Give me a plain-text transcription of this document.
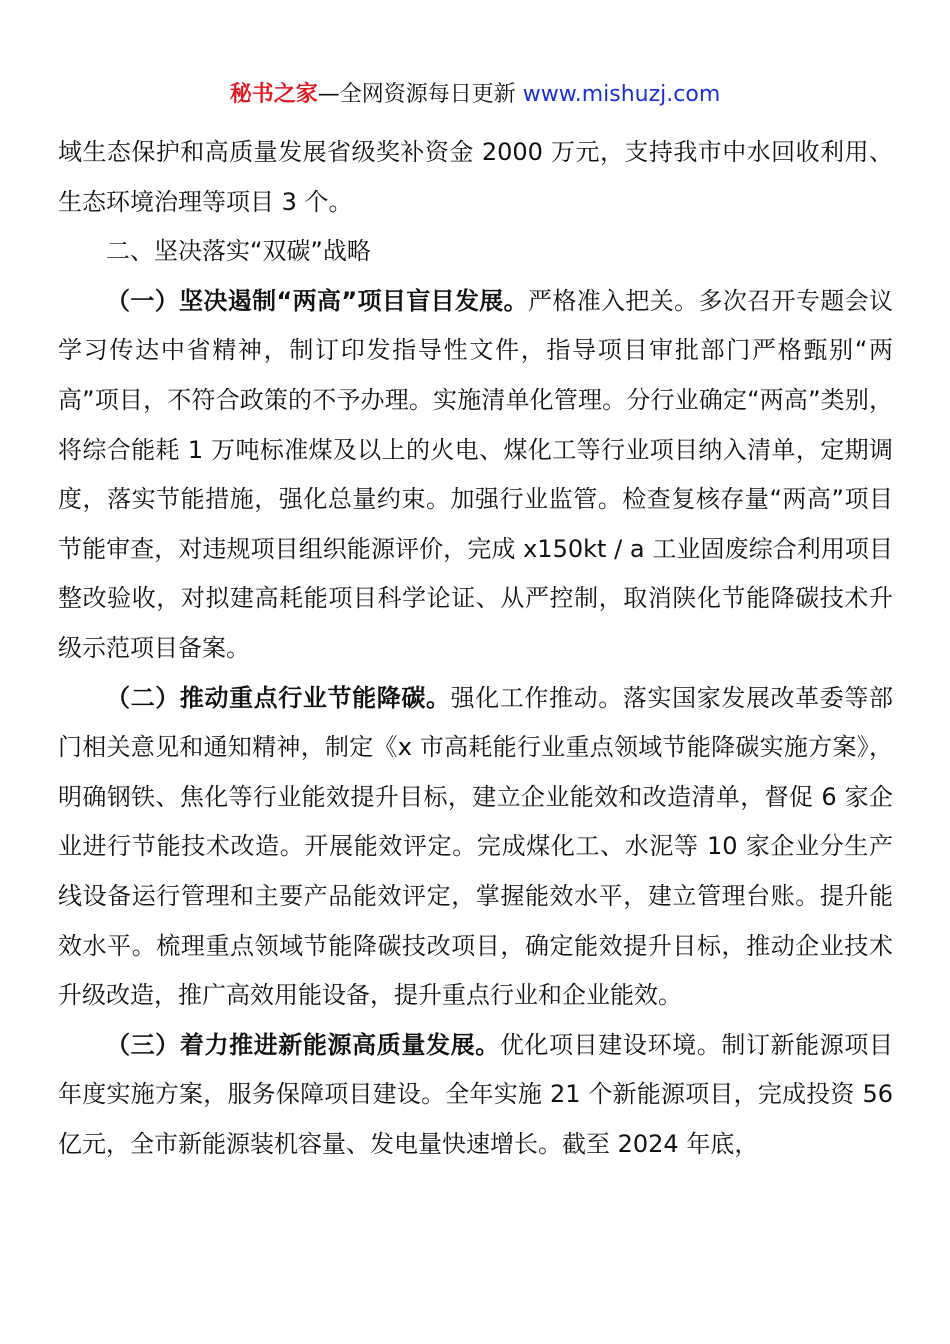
秘书之家—全网资源每日更新 www.mishuzj.com

域生态保护和高质量发展省级奖补资金 2000 万元，支持我市中水回收利用、生态环境治理等项目 3 个。

二、坚决落实“双碳”战略

（一）坚决遏制“两高”项目盲目发展。严格准入把关。多次召开专题会议学习传达中省精神，制订印发指导性文件，指导项目审批部门严格甄别“两高”项目，不符合政策的不予办理。实施清单化管理。分行业确定“两高”类别，将综合能耗 1 万吨标准煤及以上的火电、煤化工等行业项目纳入清单，定期调度，落实节能措施，强化总量约束。加强行业监管。检查复核存量“两高”项目节能审查，对违规项目组织能源评价，完成 x150kt / a 工业固废综合利用项目整改验收，对拟建高耗能项目科学论证、从严控制，取消陕化节能降碳技术升级示范项目备案。

（二）推动重点行业节能降碳。强化工作推动。落实国家发展改革委等部门相关意见和通知精神，制定《x 市高耗能行业重点领域节能降碳实施方案》，明确钢铁、焦化等行业能效提升目标，建立企业能效和改造清单，督促 6 家企业进行节能技术改造。开展能效评定。完成煤化工、水泥等 10 家企业分生产线设备运行管理和主要产品能效评定，掌握能效水平，建立管理台账。提升能效水平。梳理重点领域节能降碳技改项目，确定能效提升目标，推动企业技术升级改造，推广高效用能设备，提升重点行业和企业能效。

（三）着力推进新能源高质量发展。优化项目建设环境。制订新能源项目年度实施方案，服务保障项目建设。全年实施 21 个新能源项目，完成投资 56 亿元，全市新能源装机容量、发电量快速增长。截至 2024 年底，
